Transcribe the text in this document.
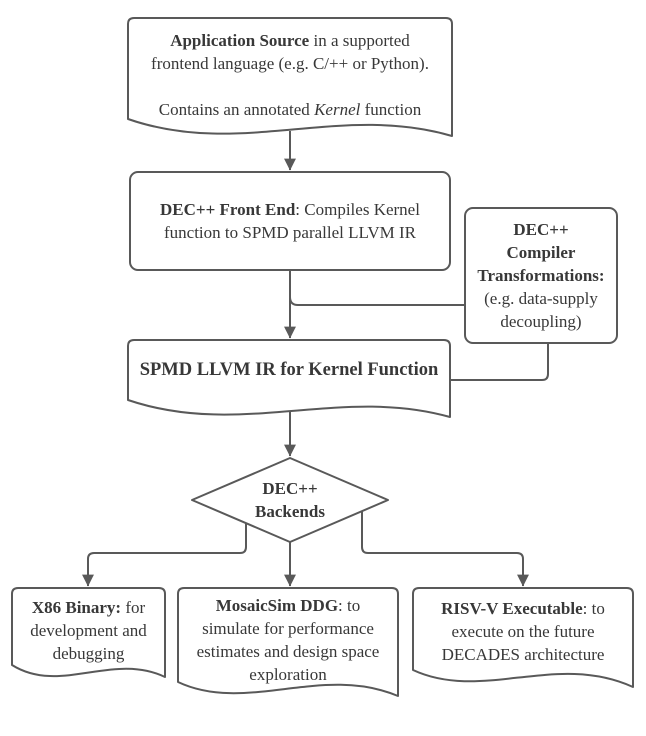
Application Source in a supported
frontend language (e.g. C/++ or Python).
Contains an annotated Kernel function
DEC++ Front End: Compiles Kernel
function to SPMD parallel LLVM IR	DEC++
Compiler
Transformations:
(e.g. data-supply
decoupling)
SPMD LLVM IR for Kernel Function
DEC++
Backends
X86 Binary: for
development and
debugging
MosaicSim DDG: to
simulate for performance
estimates and design space
exploration
RISV-V Executable: to
execute on the future
DECADES architecture
